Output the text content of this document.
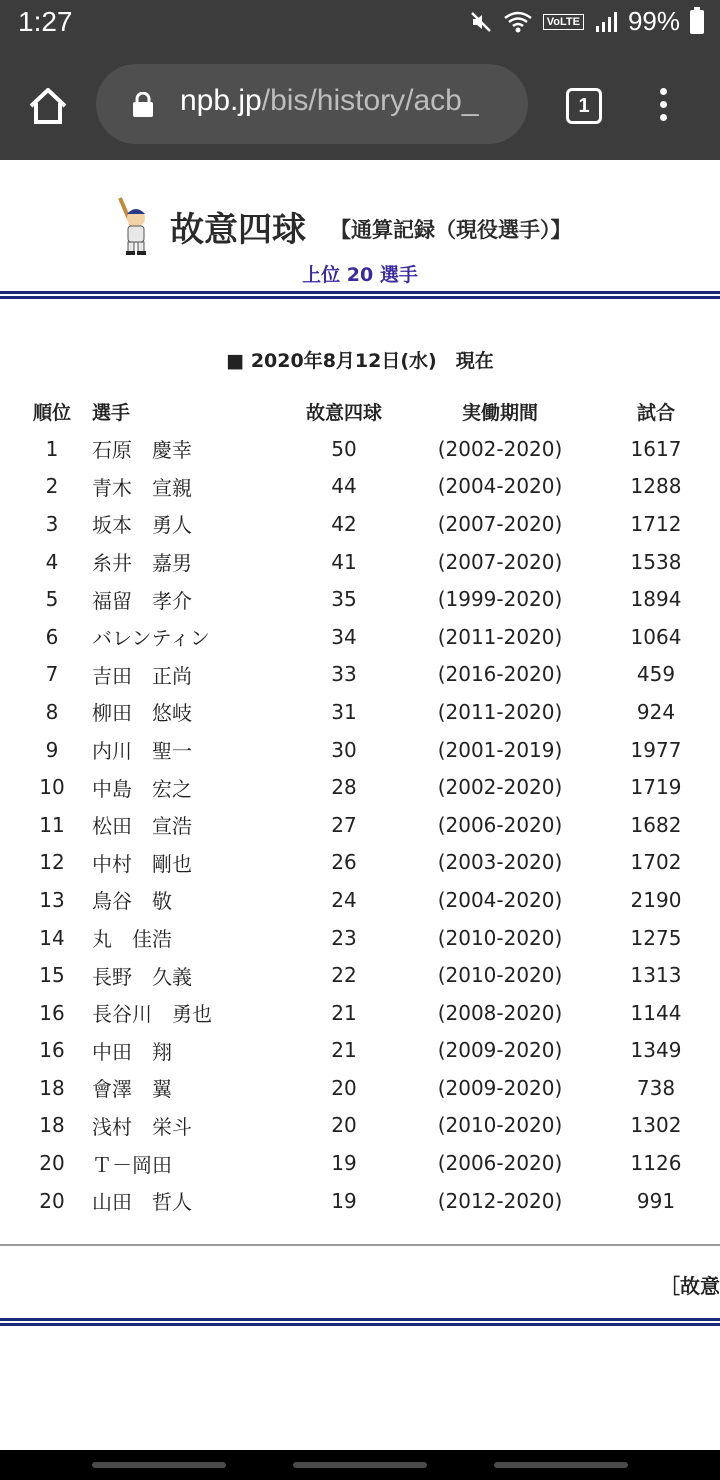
1:27	VoLTE 99%
npb.jp/bis/history/acb_	1
故意四球 【通算記録（現役選手）】
上位 20 選手
■ 2020年8月12日(水)　現在
順位	選手	故意四球	実働期間	試合
1	石原　慶幸	50	(2002-2020)	1617
2	青木　宣親	44	(2004-2020)	1288
3	坂本　勇人	42	(2007-2020)	1712
4	糸井　嘉男	41	(2007-2020)	1538
5	福留　孝介	35	(1999-2020)	1894
6	バレンティン	34	(2011-2020)	1064
7	吉田　正尚	33	(2016-2020)	459
8	柳田　悠岐	31	(2011-2020)	924
9	内川　聖一	30	(2001-2019)	1977
10	中島　宏之	28	(2002-2020)	1719
11	松田　宣浩	27	(2006-2020)	1682
12	中村　剛也	26	(2003-2020)	1702
13	鳥谷　敬	24	(2004-2020)	2190
14	丸　佳浩	23	(2010-2020)	1275
15	長野　久義	22	(2010-2020)	1313
16	長谷川　勇也	21	(2008-2020)	1144
16	中田　翔	21	(2009-2020)	1349
18	會澤　翼	20	(2009-2020)	738
18	浅村　栄斗	20	(2010-2020)	1302
20	Ｔ－岡田	19	(2006-2020)	1126
20	山田　哲人	19	(2012-2020)	991
［故意
